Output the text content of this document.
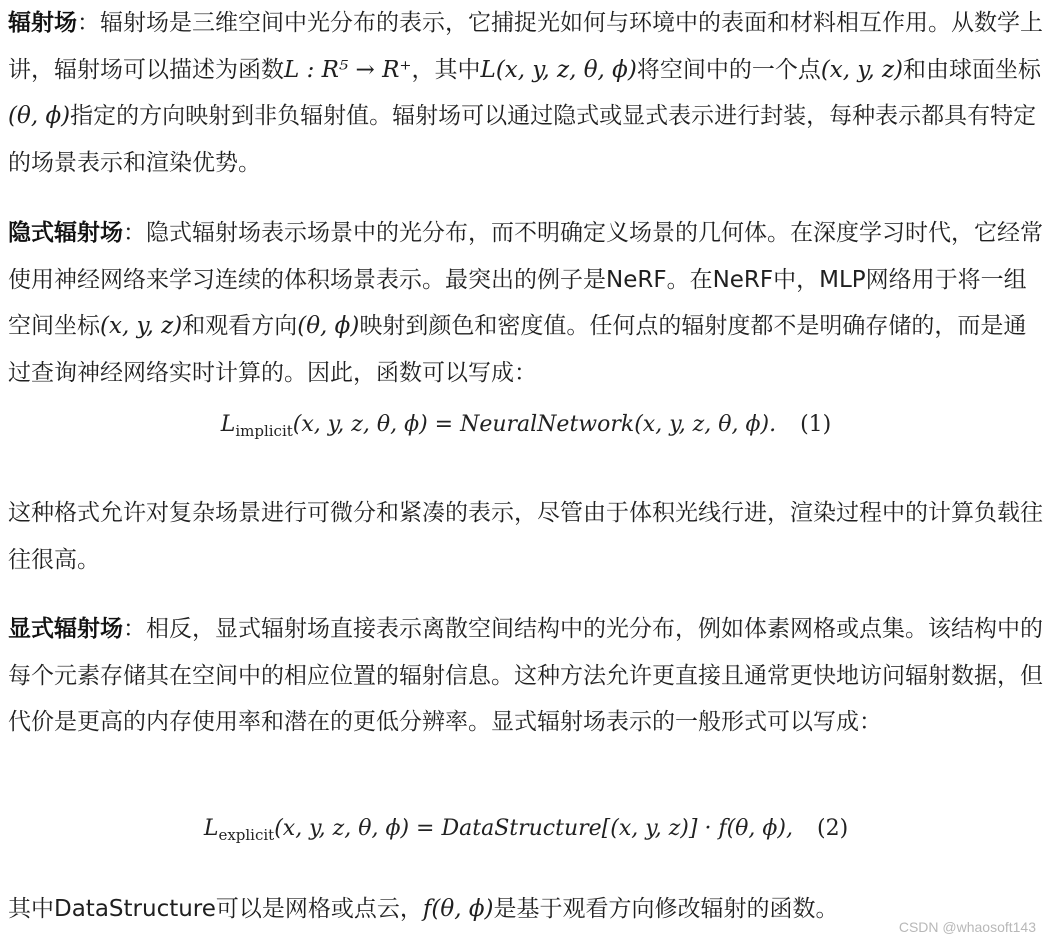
辐射场：辐射场是三维空间中光分布的表示，它捕捉光如何与环境中的表面和材料相互作用。从数学上讲，辐射场可以描述为函数L : R⁵ → R⁺，其中L(x, y, z, θ, ϕ)将空间中的一个点(x, y, z)和由球面坐标(θ, ϕ)指定的方向映射到非负辐射值。辐射场可以通过隐式或显式表示进行封装，每种表示都具有特定的场景表示和渲染优势。

隐式辐射场：隐式辐射场表示场景中的光分布，而不明确定义场景的几何体。在深度学习时代，它经常使用神经网络来学习连续的体积场景表示。最突出的例子是NeRF。在NeRF中，MLP网络用于将一组空间坐标(x, y, z)和观看方向(θ, ϕ)映射到颜色和密度值。任何点的辐射度都不是明确存储的，而是通过查询神经网络实时计算的。因此，函数可以写成：

$L_{implicit}(x$, y, z, θ, ϕ) = NeuralNetwork(x, y, z, θ, ϕ). (1)

这种格式允许对复杂场景进行可微分和紧凑的表示，尽管由于体积光线行进，渲染过程中的计算负载往往很高。

显式辐射场：相反，显式辐射场直接表示离散空间结构中的光分布，例如体素网格或点集。该结构中的每个元素存储其在空间中的相应位置的辐射信息。这种方法允许更直接且通常更快地访问辐射数据，但代价是更高的内存使用率和潜在的更低分辨率。显式辐射场表示的一般形式可以写成：

$L_{explicit}(x$, y, z, θ, ϕ) = DataStructure[(x, y, z)] · f(θ, ϕ), (2)

其中DataStructure可以是网格或点云，f(θ, ϕ)是基于观看方向修改辐射的函数。

CSDN @whaosoft143
